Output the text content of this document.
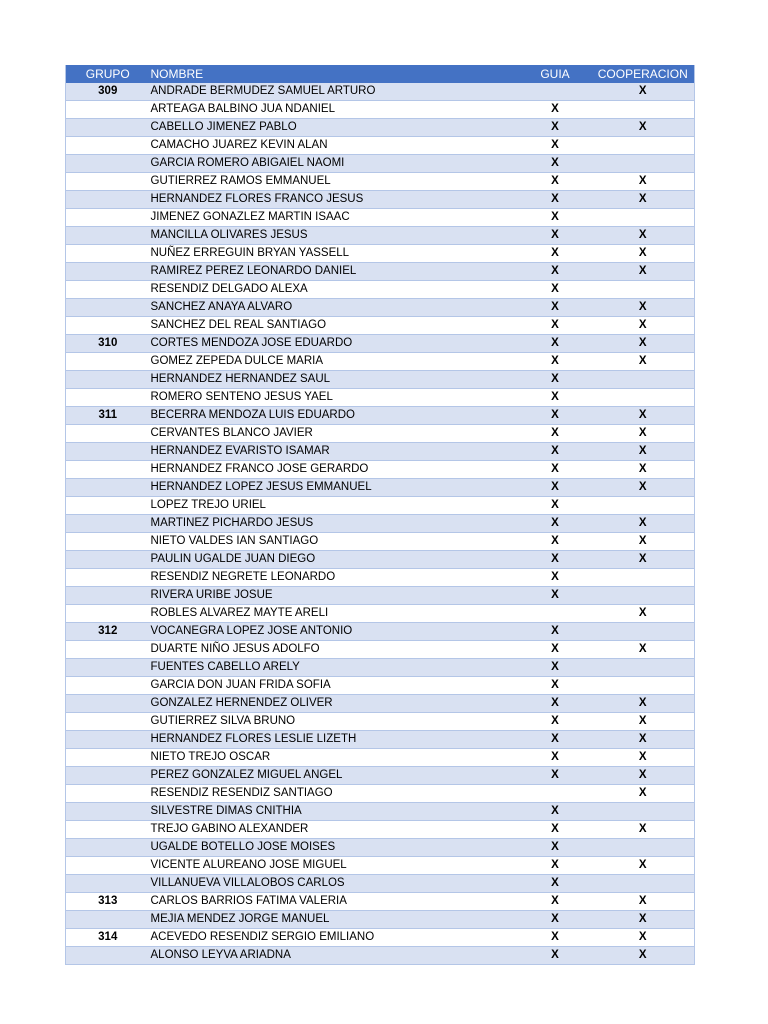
GRUPO	NOMBRE	GUIA	COOPERACION
309	ANDRADE BERMUDEZ SAMUEL ARTURO		X
	ARTEAGA BALBINO JUA NDANIEL	X	
	CABELLO JIMENEZ PABLO	X	X
	CAMACHO JUAREZ KEVIN ALAN	X	
	GARCIA ROMERO ABIGAIEL NAOMI	X	
	GUTIERREZ RAMOS EMMANUEL	X	X
	HERNANDEZ FLORES FRANCO JESUS	X	X
	JIMENEZ GONAZLEZ MARTIN ISAAC	X	
	MANCILLA OLIVARES JESUS	X	X
	NUÑEZ ERREGUIN BRYAN YASSELL	X	X
	RAMIREZ PEREZ LEONARDO DANIEL	X	X
	RESENDIZ DELGADO ALEXA	X	
	SANCHEZ ANAYA ALVARO	X	X
	SANCHEZ DEL REAL SANTIAGO	X	X
310	CORTES MENDOZA JOSE EDUARDO	X	X
	GOMEZ ZEPEDA DULCE MARIA	X	X
	HERNANDEZ HERNANDEZ SAUL	X	
	ROMERO SENTENO JESUS YAEL	X	
311	BECERRA MENDOZA LUIS EDUARDO	X	X
	CERVANTES BLANCO JAVIER	X	X
	HERNANDEZ EVARISTO ISAMAR	X	X
	HERNANDEZ FRANCO JOSE GERARDO	X	X
	HERNANDEZ LOPEZ JESUS EMMANUEL	X	X
	LOPEZ TREJO URIEL	X	
	MARTINEZ PICHARDO JESUS	X	X
	NIETO VALDES IAN SANTIAGO	X	X
	PAULIN UGALDE JUAN DIEGO	X	X
	RESENDIZ NEGRETE LEONARDO	X	
	RIVERA URIBE JOSUE	X	
	ROBLES ALVAREZ MAYTE ARELI		X
312	VOCANEGRA LOPEZ JOSE ANTONIO	X	
	DUARTE NIÑO JESUS ADOLFO	X	X
	FUENTES CABELLO ARELY	X	
	GARCIA DON JUAN FRIDA SOFIA	X	
	GONZALEZ HERNENDEZ OLIVER	X	X
	GUTIERREZ SILVA BRUNO	X	X
	HERNANDEZ FLORES LESLIE LIZETH	X	X
	NIETO TREJO OSCAR	X	X
	PEREZ GONZALEZ MIGUEL ANGEL	X	X
	RESENDIZ RESENDIZ SANTIAGO		X
	SILVESTRE DIMAS CNITHIA	X	
	TREJO GABINO ALEXANDER	X	X
	UGALDE BOTELLO JOSE MOISES	X	
	VICENTE ALUREANO JOSE MIGUEL	X	X
	VILLANUEVA VILLALOBOS CARLOS	X	
313	CARLOS BARRIOS FATIMA VALERIA	X	X
	MEJIA MENDEZ JORGE MANUEL	X	X
314	ACEVEDO RESENDIZ SERGIO EMILIANO	X	X
	ALONSO LEYVA ARIADNA	X	X
